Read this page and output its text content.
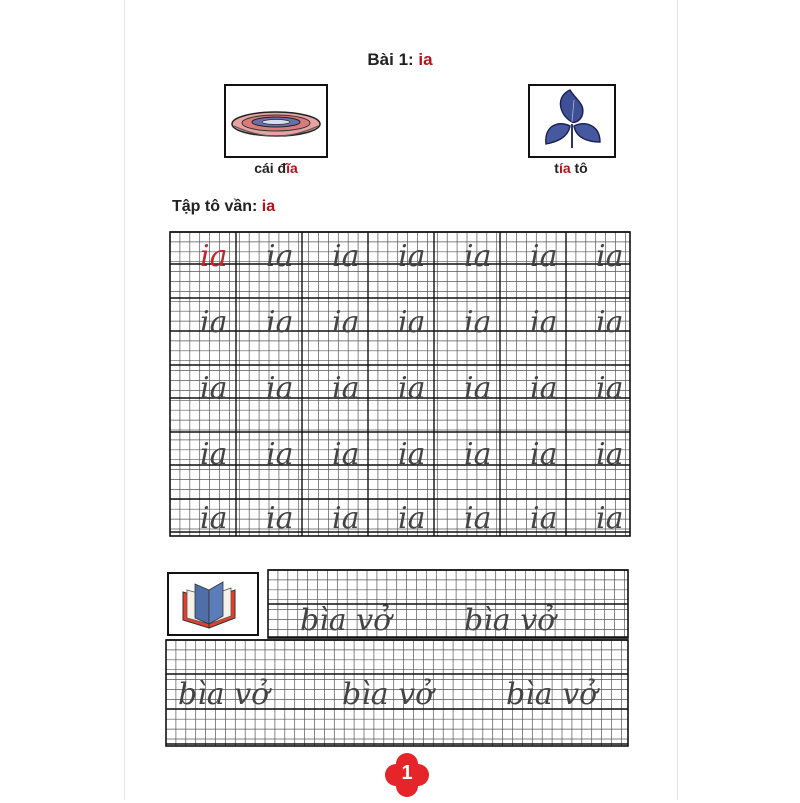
Bài 1: ia
cái đĩa	tía tô
Tập tô vần: ia
ia ia ia ia ia ia ia
ia ia ia ia ia ia ia
ia ia ia ia ia ia ia
ia ia ia ia ia ia ia
ia ia ia ia ia ia ia
bìa vở bìa vở
bìa vở bìa vở bìa vở
1
